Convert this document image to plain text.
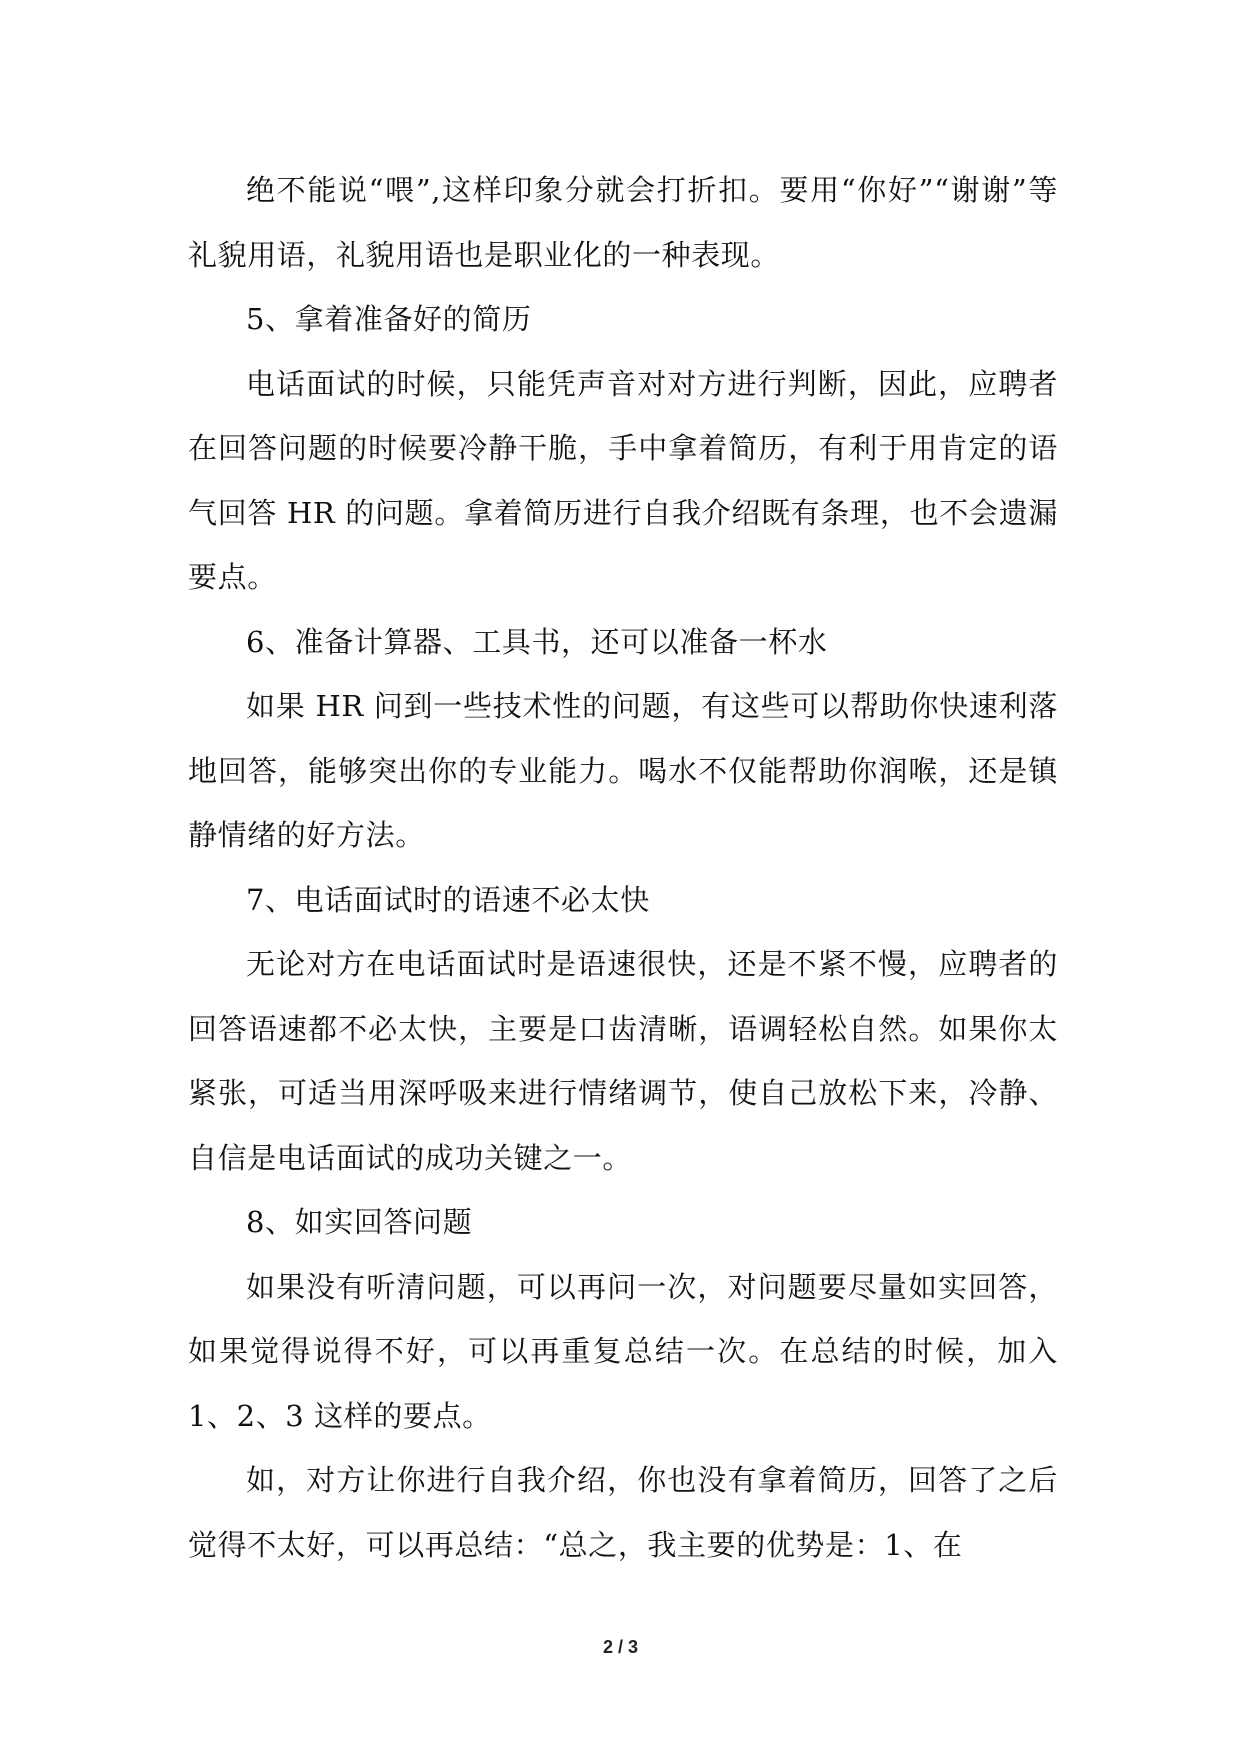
绝不能说“喂”,这样印象分就会打折扣。要用“你好”“谢谢”等礼貌用语，礼貌用语也是职业化的一种表现。

5、拿着准备好的简历

电话面试的时候，只能凭声音对对方进行判断，因此，应聘者在回答问题的时候要冷静干脆，手中拿着简历，有利于用肯定的语气回答 HR 的问题。拿着简历进行自我介绍既有条理，也不会遗漏要点。

6、准备计算器、工具书，还可以准备一杯水

如果 HR 问到一些技术性的问题，有这些可以帮助你快速利落地回答，能够突出你的专业能力。喝水不仅能帮助你润喉，还是镇静情绪的好方法。

7、电话面试时的语速不必太快

无论对方在电话面试时是语速很快，还是不紧不慢，应聘者的回答语速都不必太快，主要是口齿清晰，语调轻松自然。如果你太紧张，可适当用深呼吸来进行情绪调节，使自己放松下来，冷静、自信是电话面试的成功关键之一。

8、如实回答问题

如果没有听清问题，可以再问一次，对问题要尽量如实回答，如果觉得说得不好，可以再重复总结一次。在总结的时候，加入 1、2、3 这样的要点。

如，对方让你进行自我介绍，你也没有拿着简历，回答了之后觉得不太好，可以再总结：“总之，我主要的优势是：1、在

2 / 3
